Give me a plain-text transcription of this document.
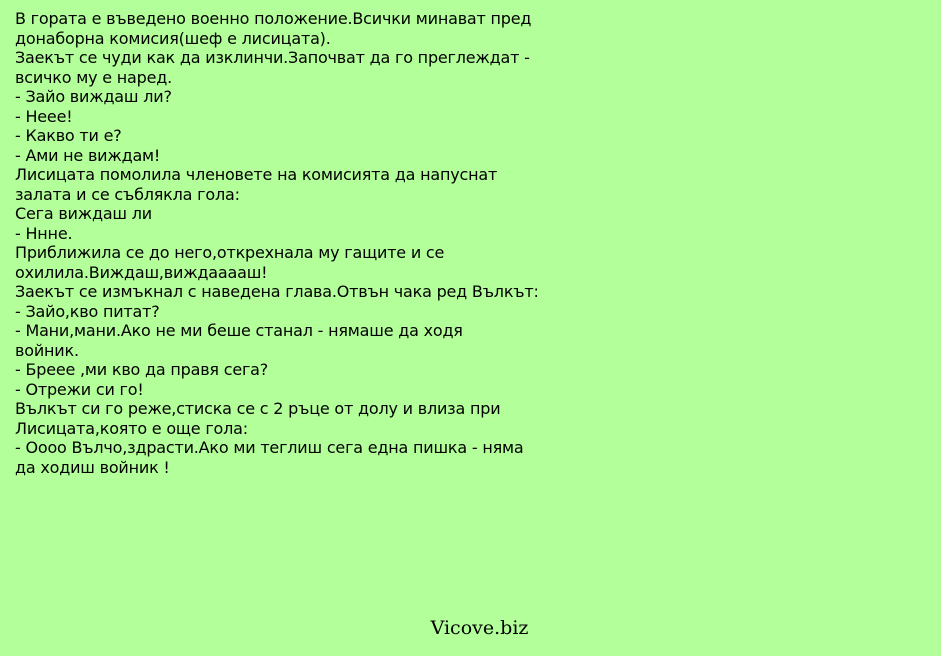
В гората е въведено военно положение.Всички минават пред
донаборна комисия(шеф е лисицата).
Заекът се чуди как да изклинчи.Започват да го преглеждат -
всичко му е наред.
- Зайо виждаш ли?
- Нeee!
- Какво ти е?
- Ами не виждам!
Лисицата помолила членовете на комисията да напуснат
залата и се съблякла гола:
Сега виждаш ли
- Ннне.
Приближила се до него,открехнала му гащите и се
охилила.Виждаш,виждааааш!
Заекът се измъкнал с наведена глава.Отвън чака ред Вълкът:
- Зайо,кво питат?
- Мани,мани.Ако не ми беше станал - нямаше да ходя
войник.
- Бреее ,ми кво да правя сега?
- Отрежи си го!
Вълкът си го реже,стиска се с 2 ръце от долу и влиза при
Лисицата,която е още гола:
- Оооо Вълчо,здрасти.Ако ми теглиш сега една пишка - няма
да ходиш войник !
Vicove.biz
